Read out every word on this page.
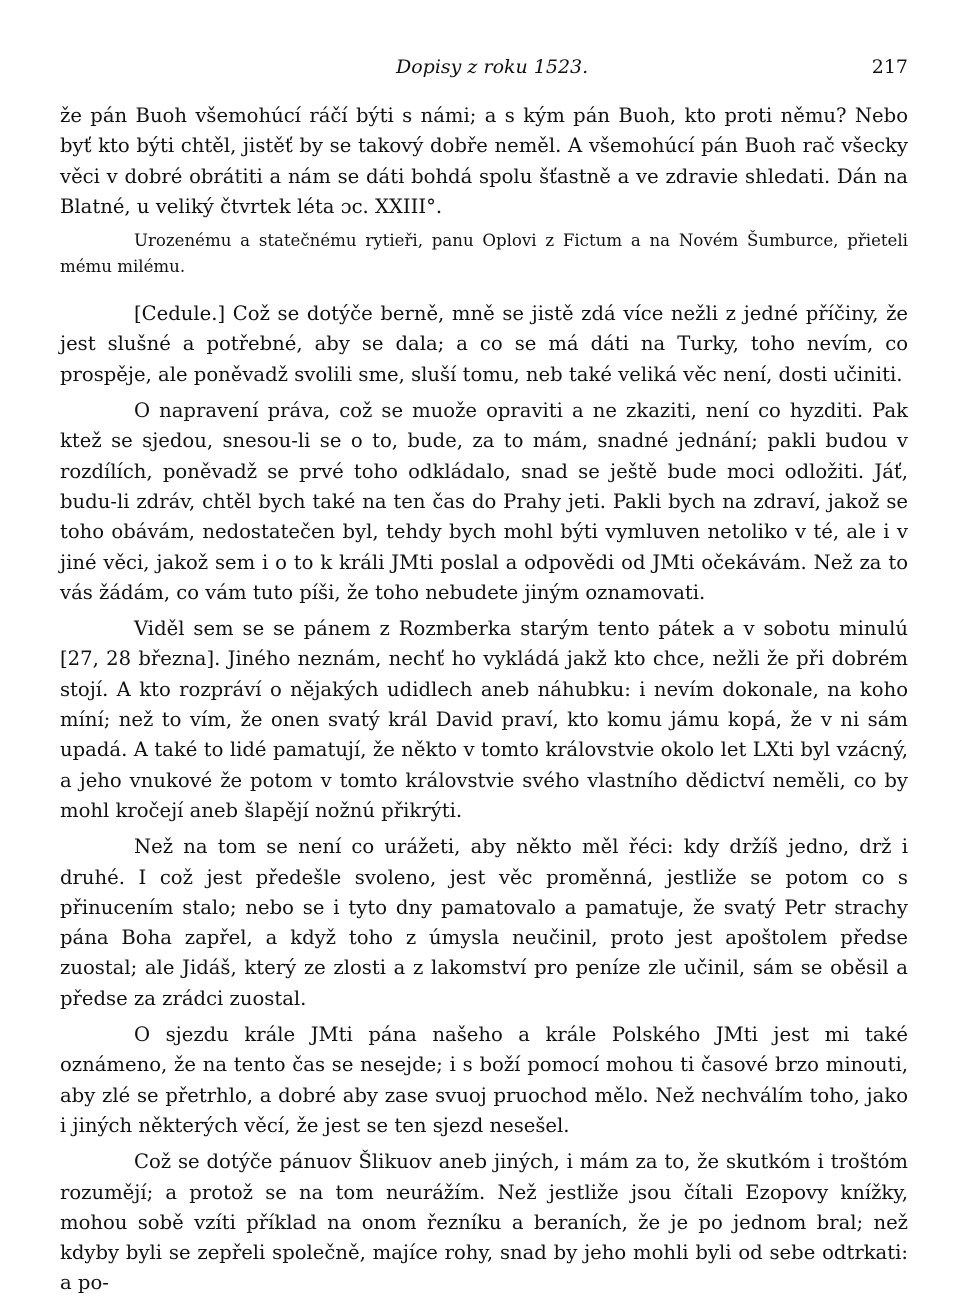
Dopisy z roku 1523.	217

že pán Buoh všemohúcí ráčí býti s námi; a s kým pán Buoh, kto proti němu? Nebo byť kto býti chtěl, jistěť by se takový dobře neměl. A všemohúcí pán Buoh rač všecky věci v dobré obrátiti a nám se dáti bohdá spolu šťastně a ve zdravie shledati. Dán na Blatné, u veliký čtvrtek léta ɔc. XXIII°.

Urozenému a statečnému rytieři, panu Oplovi z Fictum a na Novém Šumburce, přieteli mému milému.

[Cedule.] Což se dotýče berně, mně se jistě zdá více nežli z jedné příčiny, že jest slušné a potřebné, aby se dala; a co se má dáti na Turky, toho nevím, co prospěje, ale poněvadž svolili sme, sluší tomu, neb také veliká věc není, dosti učiniti.

O napravení práva, což se muože opraviti a ne zkaziti, není co hyzditi. Pak ktež se sjedou, snesou-li se o to, bude, za to mám, snadné jednání; pakli budou v rozdílích, poněvadž se prvé toho odkládalo, snad se ještě bude moci odložiti. Jáť, budu-li zdráv, chtěl bych také na ten čas do Prahy jeti. Pakli bych na zdraví, jakož se toho obávám, nedostatečen byl, tehdy bych mohl býti vymluven netoliko v té, ale i v jiné věci, jakož sem i o to k králi JMti poslal a odpovědi od JMti očekávám. Než za to vás žádám, co vám tuto píši, že toho nebudete jiným oznamovati.

Viděl sem se se pánem z Rozmberka starým tento pátek a v sobotu minulú [27, 28 března]. Jiného neznám, nechť ho vykládá jakž kto chce, nežli že při dobrém stojí. A kto rozpráví o nějakých udidlech aneb náhubku: i nevím dokonale, na koho míní; než to vím, že onen svatý král David praví, kto komu jámu kopá, že v ni sám upadá. A také to lidé pamatují, že někto v tomto královstvie okolo let LXti byl vzácný, a jeho vnukové že potom v tomto královstvie svého vlastního dědictví neměli, co by mohl kročejí aneb šlapějí nožnú přikrýti.

Než na tom se není co urážeti, aby někto měl řéci: kdy držíš jedno, drž i druhé. I což jest předešle svoleno, jest věc proměnná, jestliže se potom co s přinucením stalo; nebo se i tyto dny pamatovalo a pamatuje, že svatý Petr strachy pána Boha zapřel, a když toho z úmysla neučinil, proto jest apoštolem předse zuostal; ale Jidáš, který ze zlosti a z lakomství pro peníze zle učinil, sám se oběsil a předse za zrádci zuostal.

O sjezdu krále JMti pána našeho a krále Polského JMti jest mi také oznámeno, že na tento čas se nesejde; i s boží pomocí mohou ti časové brzo minouti, aby zlé se přetrhlo, a dobré aby zase svuoj pruochod mělo. Než nechválím toho, jako i jiných některých věcí, že jest se ten sjezd nesešel.

Což se dotýče pánuov Šlikuov aneb jiných, i mám za to, že skutkóm i troštóm rozumějí; a protož se na tom neurážím. Než jestliže jsou čítali Ezopovy knížky, mohou sobě vzíti příklad na onom řezníku a beraních, že je po jednom bral; než kdyby byli se zepřeli společně, majíce rohy, snad by jeho mohli byli od sebe odtrkati: a po-
